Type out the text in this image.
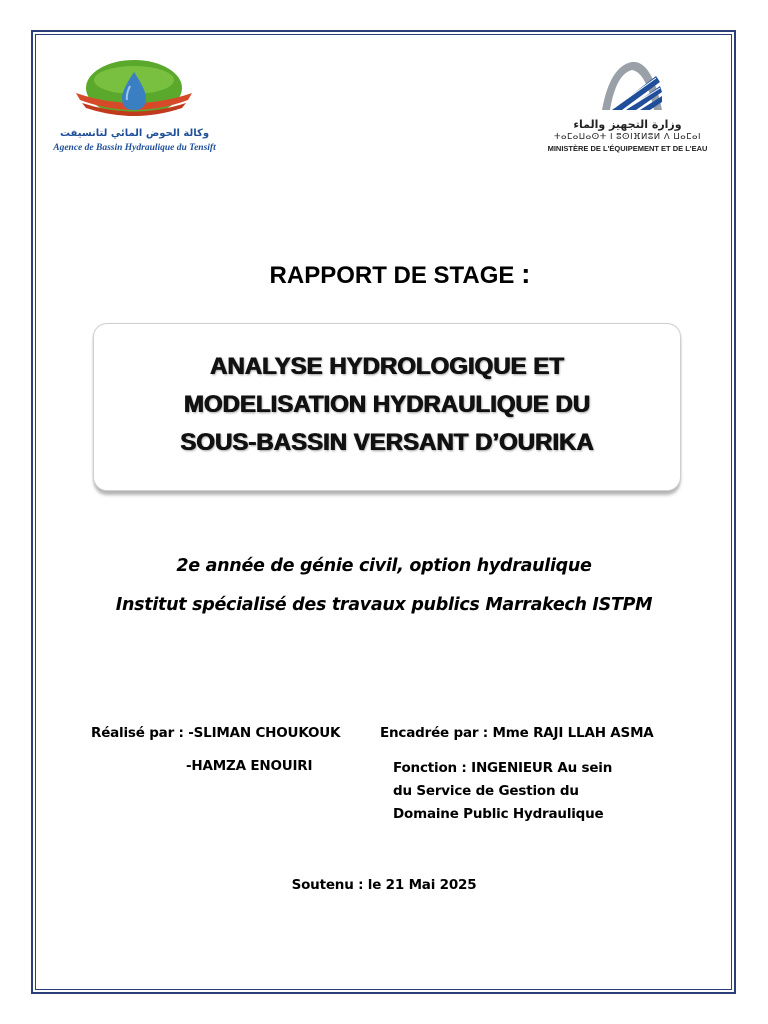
وكالة الحوض المائي لتانسيفت
Agence de Bassin Hydraulique du Tensift
وزارة التجهيز والماء
ⵜⴰⵎⴰⵡⴰⵙⵜ ⵏ ⵓⵙⵏⴼⵍⵓⵍ ⴷ ⵡⴰⵎⴰⵏ
MINISTÈRE DE L'ÉQUIPEMENT ET DE L'EAU
RAPPORT DE STAGE :
ANALYSE HYDROLOGIQUE ET
MODELISATION HYDRAULIQUE DU
SOUS-BASSIN VERSANT D’OURIKA
2e année de génie civil, option hydraulique
Institut spécialisé des travaux publics Marrakech ISTPM
Réalisé par : -SLIMAN CHOUKOUK	Encadrée par : Mme RAJI LLAH ASMA
-HAMZA ENOUIRI	Fonction : INGENIEUR Au sein
du Service de Gestion du
Domaine Public Hydraulique
Soutenu : le 21 Mai 2025
